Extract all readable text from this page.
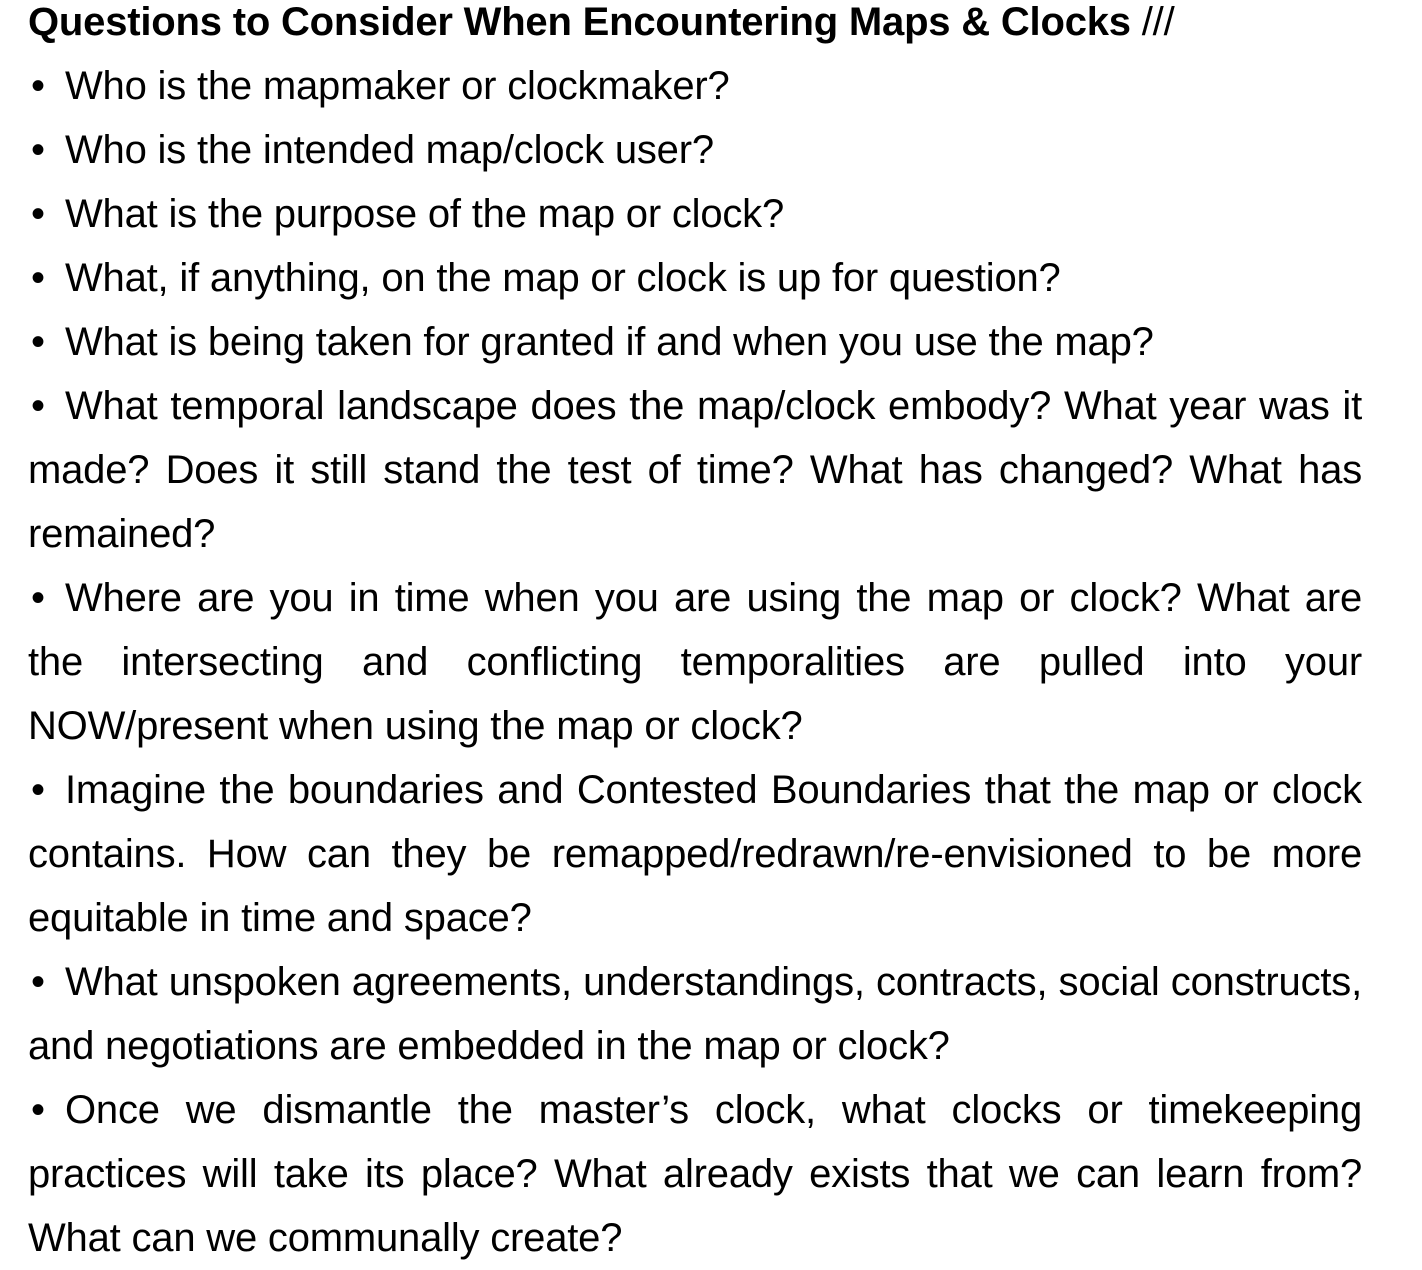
Questions to Consider When Encountering Maps & Clocks ///
• Who is the mapmaker or clockmaker?
• Who is the intended map/clock user?
• What is the purpose of the map or clock?
• What, if anything, on the map or clock is up for question?
• What is being taken for granted if and when you use the map?
• What temporal landscape does the map/clock embody? What year was it made? Does it still stand the test of time? What has changed? What has remained?
• Where are you in time when you are using the map or clock? What are the intersecting and conflicting temporalities are pulled into your NOW/present when using the map or clock?
• Imagine the boundaries and Contested Boundaries that the map or clock contains. How can they be remapped/redrawn/re-envisioned to be more equitable in time and space?
• What unspoken agreements, understandings, contracts, social constructs, and negotiations are embedded in the map or clock?
• Once we dismantle the master’s clock, what clocks or timekeeping practices will take its place? What already exists that we can learn from? What can we communally create?
